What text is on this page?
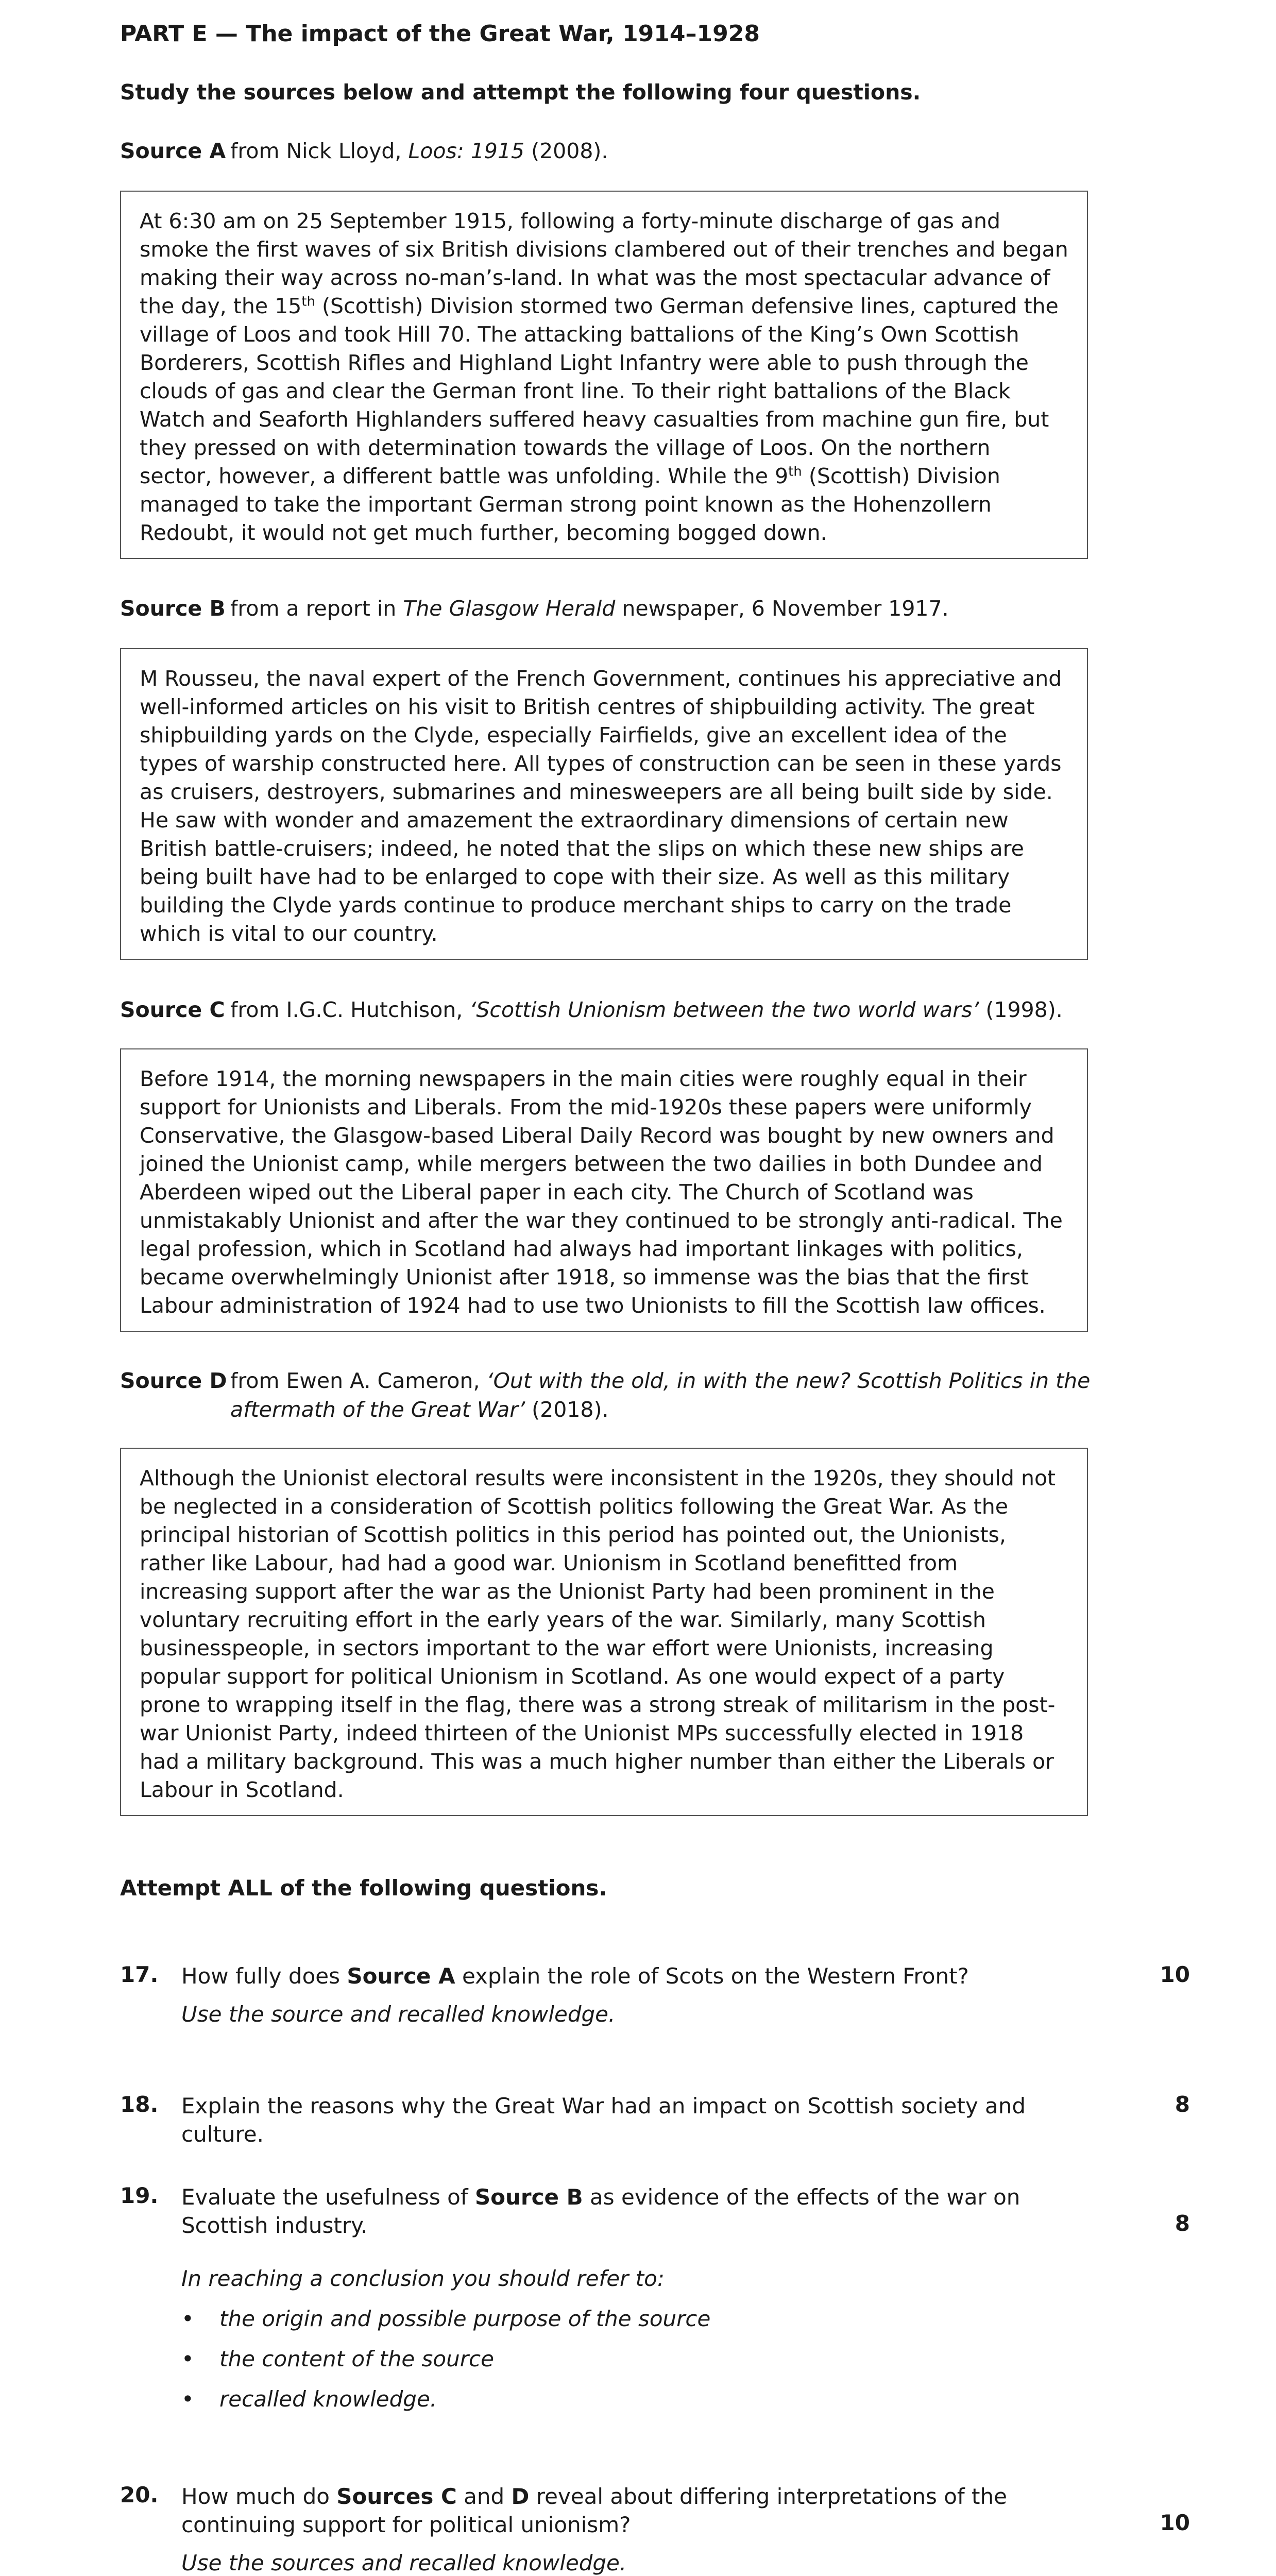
PART E — The impact of the Great War, 1914–1928
Study the sources below and attempt the following four questions.
Source A from Nick Lloyd, Loos: 1915 (2008).

At 6:30 am on 25 September 1915, following a forty-minute discharge of gas and smoke the first waves of six British divisions clambered out of their trenches and began making their way across no-man’s-land. In what was the most spectacular advance of the day, the 15th (Scottish) Division stormed two German defensive lines, captured the village of Loos and took Hill 70. The attacking battalions of the King’s Own Scottish Borderers, Scottish Rifles and Highland Light Infantry were able to push through the clouds of gas and clear the German front line. To their right battalions of the Black Watch and Seaforth Highlanders suffered heavy casualties from machine gun fire, but they pressed on with determination towards the village of Loos. On the northern sector, however, a different battle was unfolding. While the 9th (Scottish) Division managed to take the important German strong point known as the Hohenzollern Redoubt, it would not get much further, becoming bogged down.

Source B from a report in The Glasgow Herald newspaper, 6 November 1917.

M Rousseu, the naval expert of the French Government, continues his appreciative and well-informed articles on his visit to British centres of shipbuilding activity. The great shipbuilding yards on the Clyde, especially Fairfields, give an excellent idea of the types of warship constructed here. All types of construction can be seen in these yards as cruisers, destroyers, submarines and minesweepers are all being built side by side. He saw with wonder and amazement the extraordinary dimensions of certain new British battle-cruisers; indeed, he noted that the slips on which these new ships are being built have had to be enlarged to cope with their size. As well as this military building the Clyde yards continue to produce merchant ships to carry on the trade which is vital to our country.

Source C from I.G.C. Hutchison, ‘Scottish Unionism between the two world wars’ (1998).

Before 1914, the morning newspapers in the main cities were roughly equal in their support for Unionists and Liberals. From the mid-1920s these papers were uniformly Conservative, the Glasgow-based Liberal Daily Record was bought by new owners and joined the Unionist camp, while mergers between the two dailies in both Dundee and Aberdeen wiped out the Liberal paper in each city. The Church of Scotland was unmistakably Unionist and after the war they continued to be strongly anti-radical. The legal profession, which in Scotland had always had important linkages with politics, became overwhelmingly Unionist after 1918, so immense was the bias that the first Labour administration of 1924 had to use two Unionists to fill the Scottish law offices.

Source D from Ewen A. Cameron, ‘Out with the old, in with the new? Scottish Politics in the aftermath of the Great War’ (2018).

Although the Unionist electoral results were inconsistent in the 1920s, they should not be neglected in a consideration of Scottish politics following the Great War. As the principal historian of Scottish politics in this period has pointed out, the Unionists, rather like Labour, had had a good war. Unionism in Scotland benefitted from increasing support after the war as the Unionist Party had been prominent in the voluntary recruiting effort in the early years of the war. Similarly, many Scottish businesspeople, in sectors important to the war effort were Unionists, increasing popular support for political Unionism in Scotland. As one would expect of a party prone to wrapping itself in the flag, there was a strong streak of militarism in the post-war Unionist Party, indeed thirteen of the Unionist MPs successfully elected in 1918 had a military background. This was a much higher number than either the Liberals or Labour in Scotland.

Attempt ALL of the following questions.
17. How fully does Source A explain the role of Scots on the Western Front?
Use the source and recalled knowledge.
10
18. Explain the reasons why the Great War had an impact on Scottish society and culture.
8
19. Evaluate the usefulness of Source B as evidence of the effects of the war on Scottish industry.	8
In reaching a conclusion you should refer to:
• the origin and possible purpose of the source
• the content of the source
• recalled knowledge.
20. How much do Sources C and D reveal about differing interpretations of the continuing support for political unionism?	10
Use the sources and recalled knowledge.
